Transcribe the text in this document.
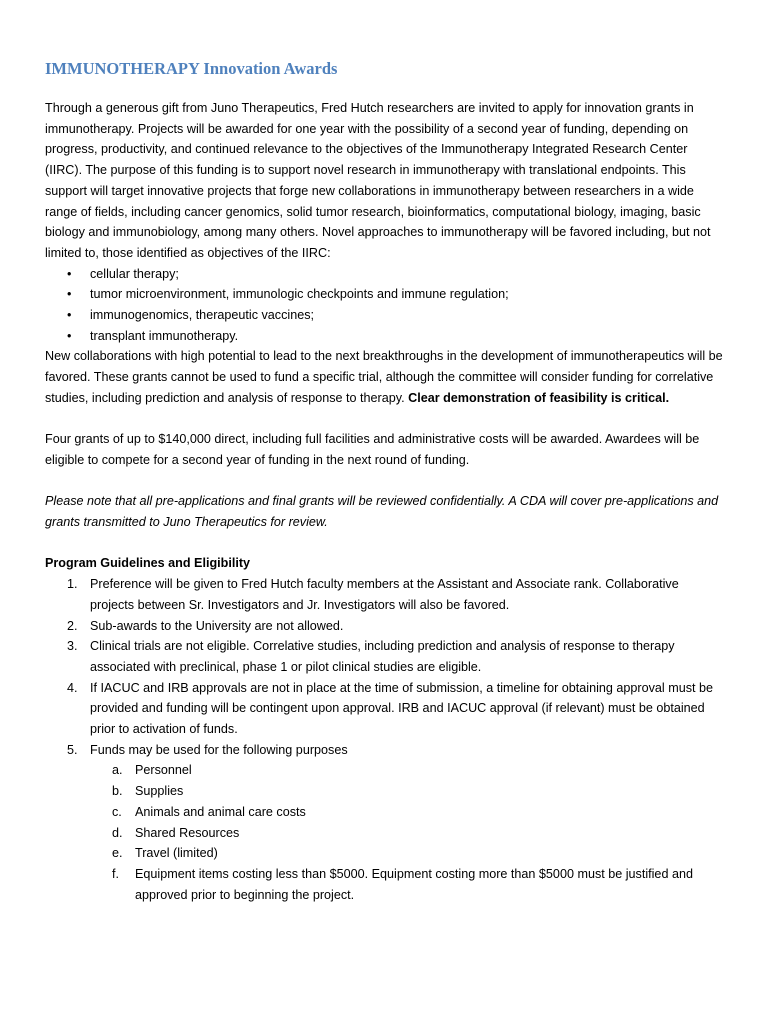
IMMUNOTHERAPY Innovation Awards

Through a generous gift from Juno Therapeutics, Fred Hutch researchers are invited to apply for innovation grants in immunotherapy. Projects will be awarded for one year with the possibility of a second year of funding, depending on progress, productivity, and continued relevance to the objectives of the Immunotherapy Integrated Research Center (IIRC). The purpose of this funding is to support novel research in immunotherapy with translational endpoints. This support will target innovative projects that forge new collaborations in immunotherapy between researchers in a wide range of fields, including cancer genomics, solid tumor research, bioinformatics, computational biology, imaging, basic biology and immunobiology, among many others. Novel approaches to immunotherapy will be favored including, but not limited to, those identified as objectives of the IIRC:

• cellular therapy;
• tumor microenvironment, immunologic checkpoints and immune regulation;
• immunogenomics, therapeutic vaccines;
• transplant immunotherapy.

New collaborations with high potential to lead to the next breakthroughs in the development of immunotherapeutics will be favored. These grants cannot be used to fund a specific trial, although the committee will consider funding for correlative studies, including prediction and analysis of response to therapy. Clear demonstration of feasibility is critical.

Four grants of up to $140,000 direct, including full facilities and administrative costs will be awarded. Awardees will be eligible to compete for a second year of funding in the next round of funding.

Please note that all pre-applications and final grants will be reviewed confidentially. A CDA will cover pre-applications and grants transmitted to Juno Therapeutics for review.

Program Guidelines and Eligibility

1. Preference will be given to Fred Hutch faculty members at the Assistant and Associate rank. Collaborative projects between Sr. Investigators and Jr. Investigators will also be favored.
2. Sub-awards to the University are not allowed.
3. Clinical trials are not eligible. Correlative studies, including prediction and analysis of response to therapy associated with preclinical, phase 1 or pilot clinical studies are eligible.
4. If IACUC and IRB approvals are not in place at the time of submission, a timeline for obtaining approval must be provided and funding will be contingent upon approval. IRB and IACUC approval (if relevant) must be obtained prior to activation of funds.
5. Funds may be used for the following purposes
a. Personnel
b. Supplies
c. Animals and animal care costs
d. Shared Resources
e. Travel (limited)
f. Equipment items costing less than $5000. Equipment costing more than $5000 must be justified and approved prior to beginning the project.
